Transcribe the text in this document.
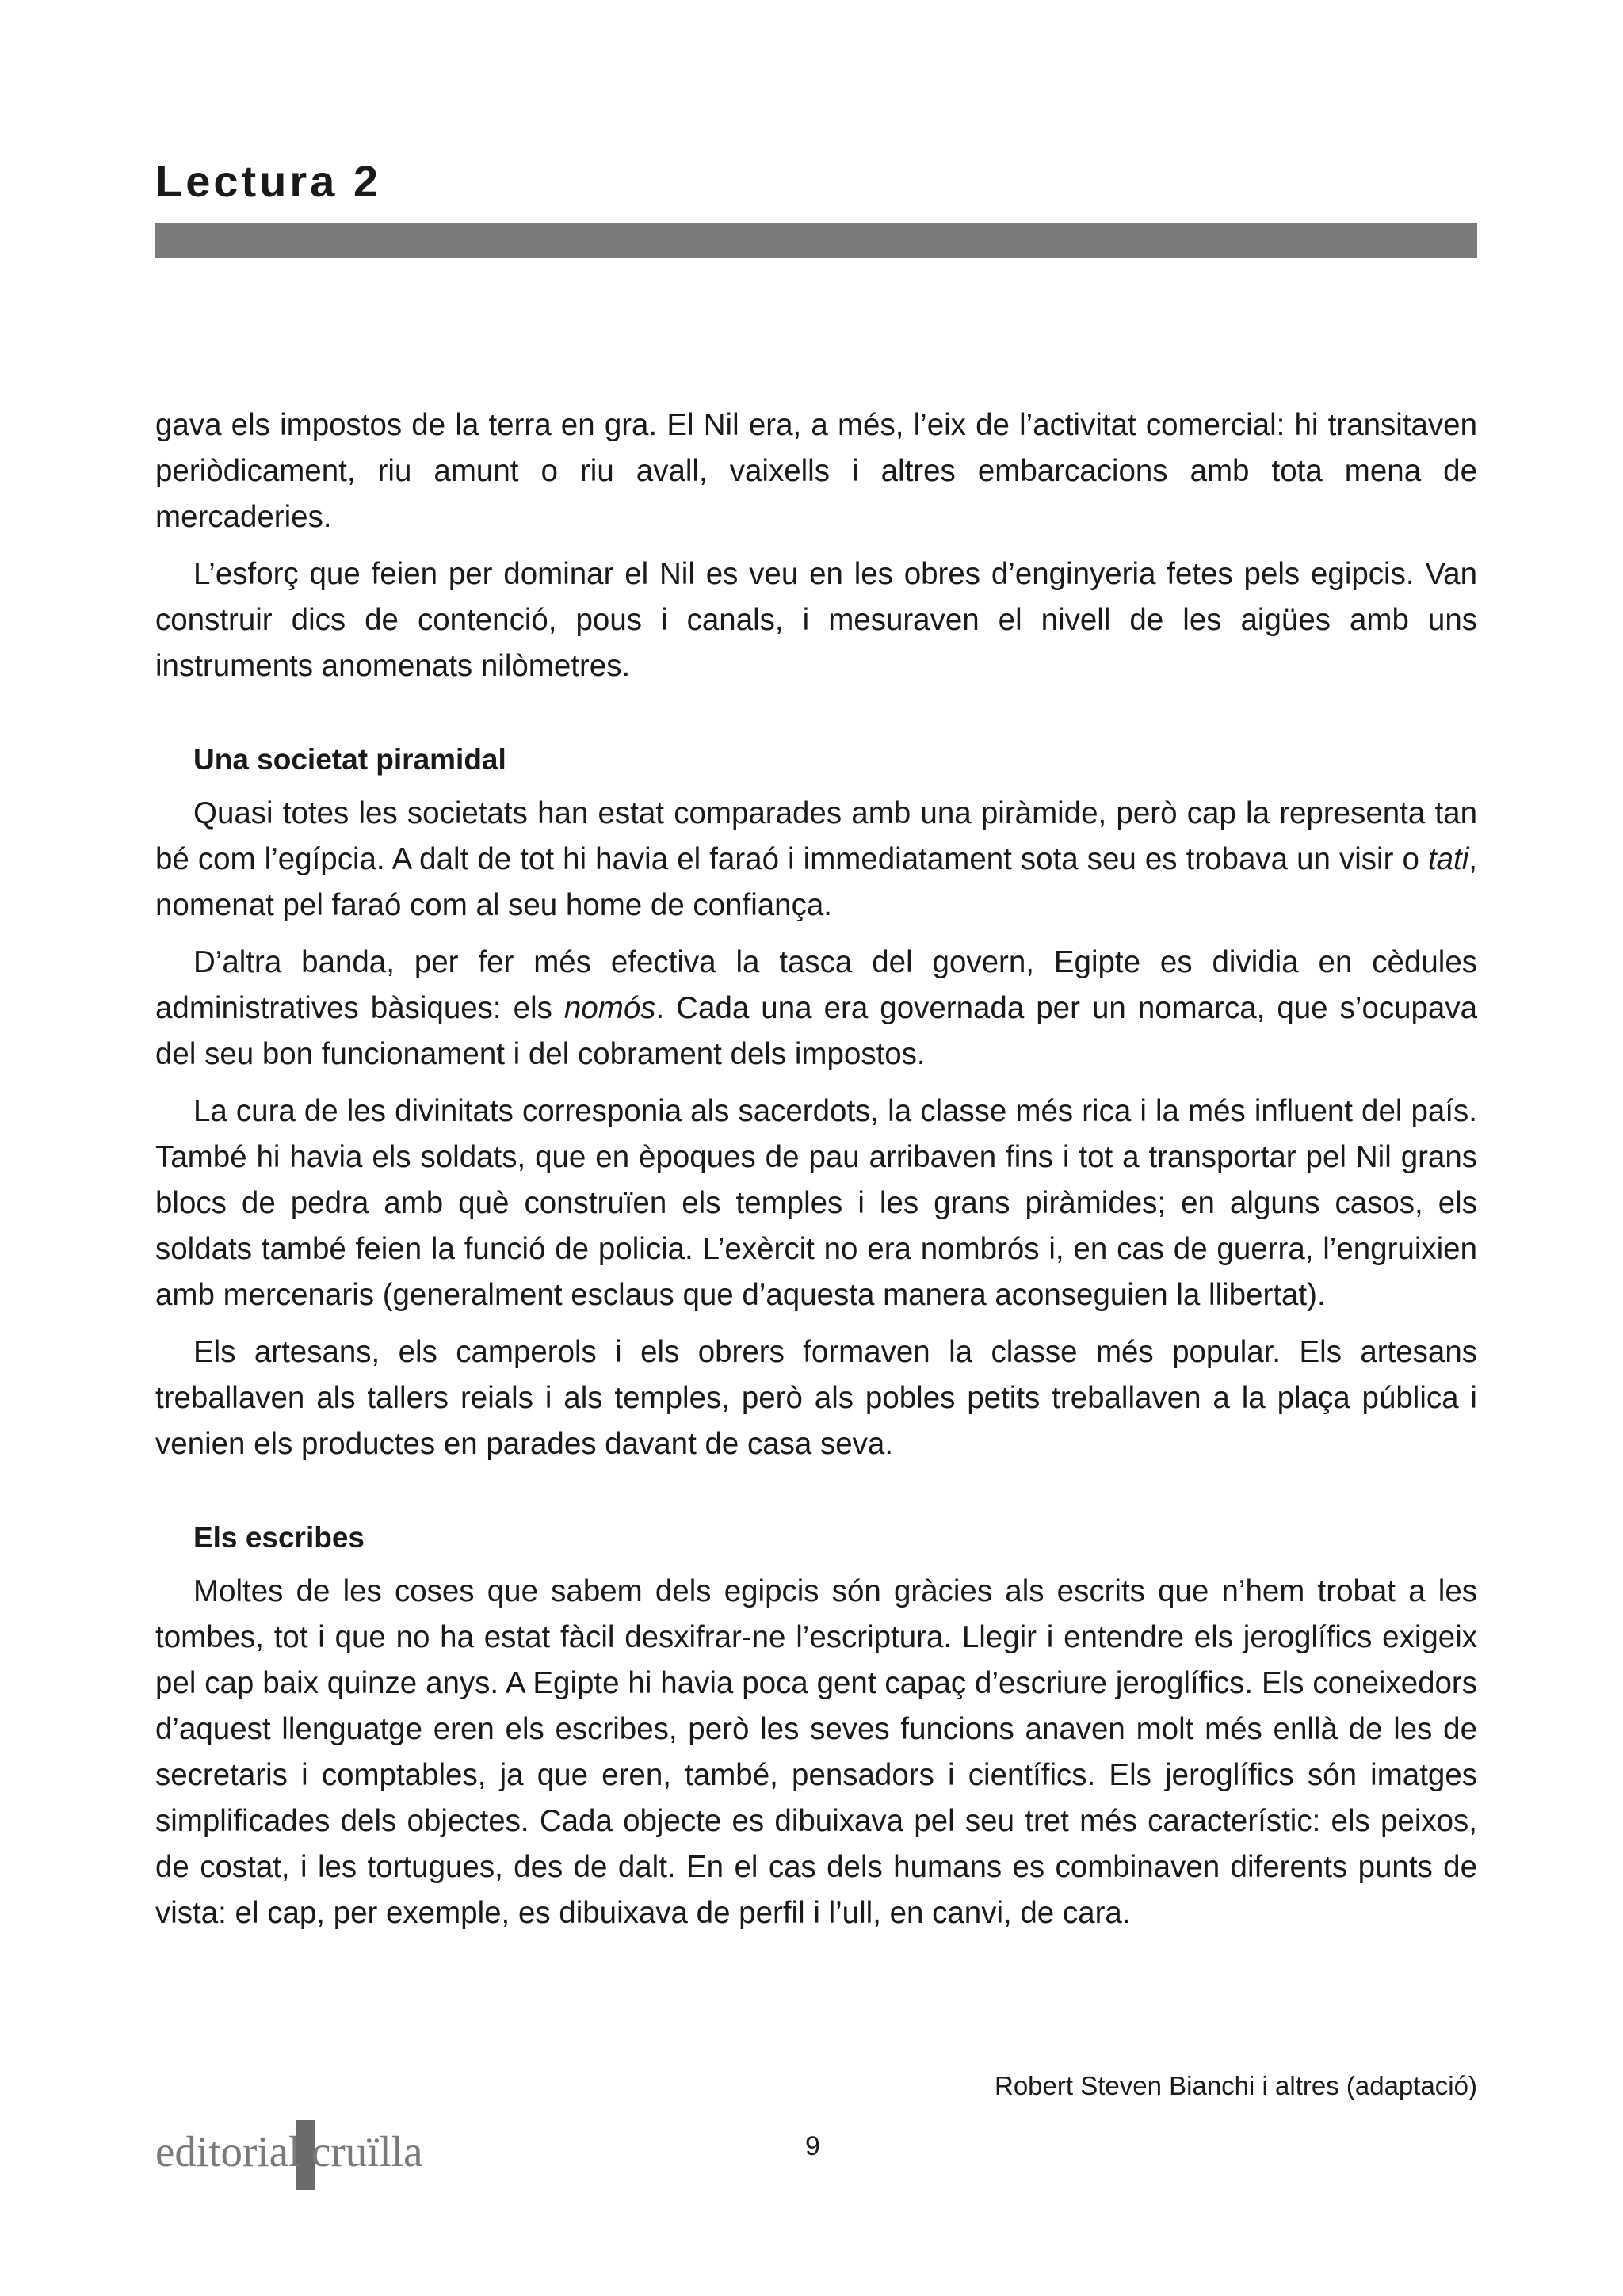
Lectura 2

gava els impostos de la terra en gra. El Nil era, a més, l’eix de l’activitat comercial: hi transitaven periòdicament, riu amunt o riu avall, vaixells i altres embarcacions amb tota mena de mercaderies.

L’esforç que feien per dominar el Nil es veu en les obres d’enginyeria fetes pels egipcis. Van construir dics de contenció, pous i canals, i mesuraven el nivell de les aigües amb uns instruments anomenats nilòmetres.

Una societat piramidal

Quasi totes les societats han estat comparades amb una piràmide, però cap la representa tan bé com l’egípcia. A dalt de tot hi havia el faraó i immediatament sota seu es trobava un visir o tati, nomenat pel faraó com al seu home de confiança.

D’altra banda, per fer més efectiva la tasca del govern, Egipte es dividia en cèdules administratives bàsiques: els nomós. Cada una era governada per un nomarca, que s’ocupava del seu bon funcionament i del cobrament dels impostos.

La cura de les divinitats corresponia als sacerdots, la classe més rica i la més influent del país. També hi havia els soldats, que en èpoques de pau arribaven fins i tot a transportar pel Nil grans blocs de pedra amb què construïen els temples i les grans piràmides; en alguns casos, els soldats també feien la funció de policia. L’exèrcit no era nombrós i, en cas de guerra, l’engruixien amb mercenaris (generalment esclaus que d’aquesta manera aconseguien la llibertat).

Els artesans, els camperols i els obrers formaven la classe més popular. Els artesans treballaven als tallers reials i als temples, però als pobles petits treballaven a la plaça pública i venien els productes en parades davant de casa seva.

Els escribes

Moltes de les coses que sabem dels egipcis són gràcies als escrits que n’hem trobat a les tombes, tot i que no ha estat fàcil desxifrar-ne l’escriptura. Llegir i entendre els jeroglífics exigeix pel cap baix quinze anys. A Egipte hi havia poca gent capaç d’escriure jeroglífics. Els coneixedors d’aquest llenguatge eren els escribes, però les seves funcions anaven molt més enllà de les de secretaris i comptables, ja que eren, també, pensadors i científics. Els jeroglífics són imatges simplificades dels objectes. Cada objecte es dibuixava pel seu tret més característic: els peixos, de costat, i les tortugues, des de dalt. En el cas dels humans es combinaven diferents punts de vista: el cap, per exemple, es dibuixava de perfil i l’ull, en canvi, de cara.

Robert Steven Bianchi i altres (adaptació)

editorial cruïlla	9
